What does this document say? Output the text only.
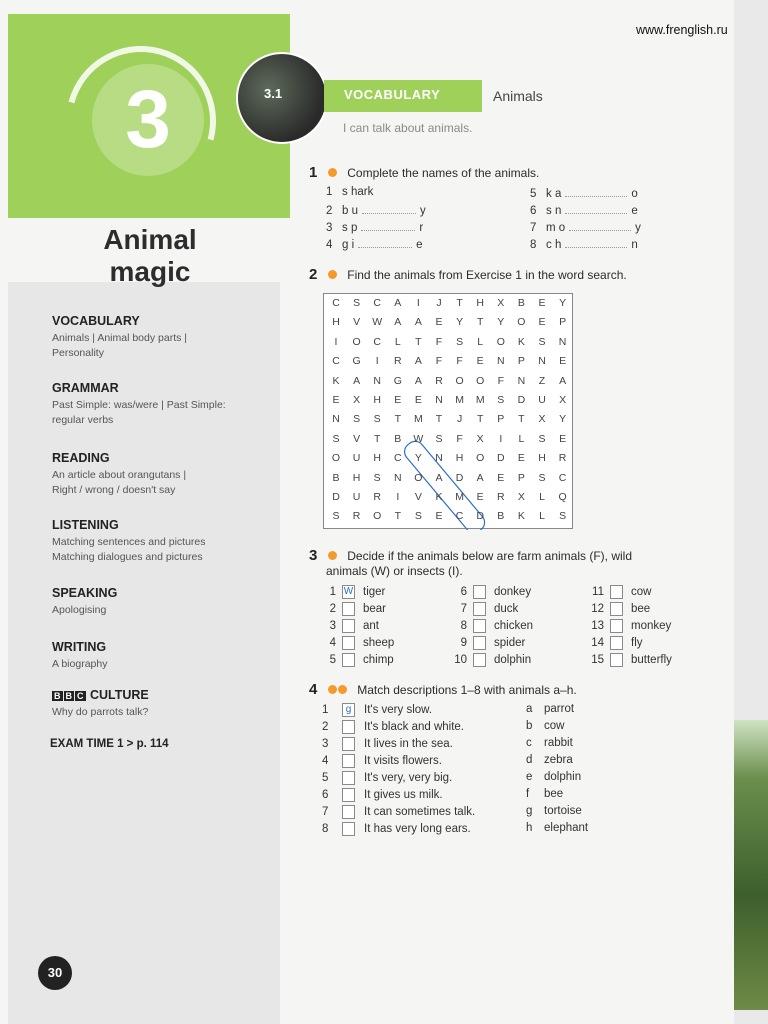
3
Animal
magic
www.frenglish.ru
B B C CULTURE
Why do parrots talk?
EXAM TIME 1 > p. 114
3.1	VOCABULARY	Animals
I can talk about animals.
1 Complete the names of the animals.
2 Find the animals from Exercise 1 in the word search.
C	S	C	A	I	J	T	H	X	B	E	Y
H	V	W	A	A	E	Y	T	Y	O	E	P
I	O	C	L	T	F	S	L	O	K	S	N
C	G	I	R	A	F	F	E	N	P	N	E
K	A	N	G	A	R	O	O	F	N	Z	A
E	X	H	E	E	N	M	M	S	D	U	X
N	S	S	T	M	T	J	T	P	T	X	Y
S	V	T	B	W	S	F	X	I	L	S	E
O	U	H	C	Y	N	H	O	D	E	H	R
B	H	S	N	O	A	D	A	E	P	S	C
D	U	R	I	V	K	M	E	R	X	L	Q
S	R	O	T	S	E	C	D	B	K	L	S
3 Decide if the animals below are farm animals (F), wild
animals (W) or insects (I).
4	Match descriptions 1–8 with animals a–h.
30
VOCABULARY
Animals | Animal body parts |
Personality
GRAMMAR
Past Simple: was/were | Past Simple:
regular verbs
READING
An article about orangutans |
Right / wrong / doesn't say
LISTENING
Matching sentences and pictures
Matching dialogues and pictures
SPEAKING
Apologising
WRITING
A biography
1 s hark
2 b u	y
3 s p	r
4 g i	e
5 k a	o
6 s n	e
7 m o	y
8 c h	n
1 W tiger
2 bear
3 ant
4 sheep
5 chimp
6 donkey
7 duck
8 chicken
9 spider
10 dolphin
11 cow
12 bee
13 monkey
14 fly
15 butterfly
1	g	It's very slow.
2	It's black and white.
3	It lives in the sea.
4	It visits flowers.
5	It's very, very big.
6	It gives us milk.
7	It can sometimes talk.
8	It has very long ears.
a parrot
b cow
c rabbit
d zebra
e dolphin
f bee
g tortoise
h elephant
